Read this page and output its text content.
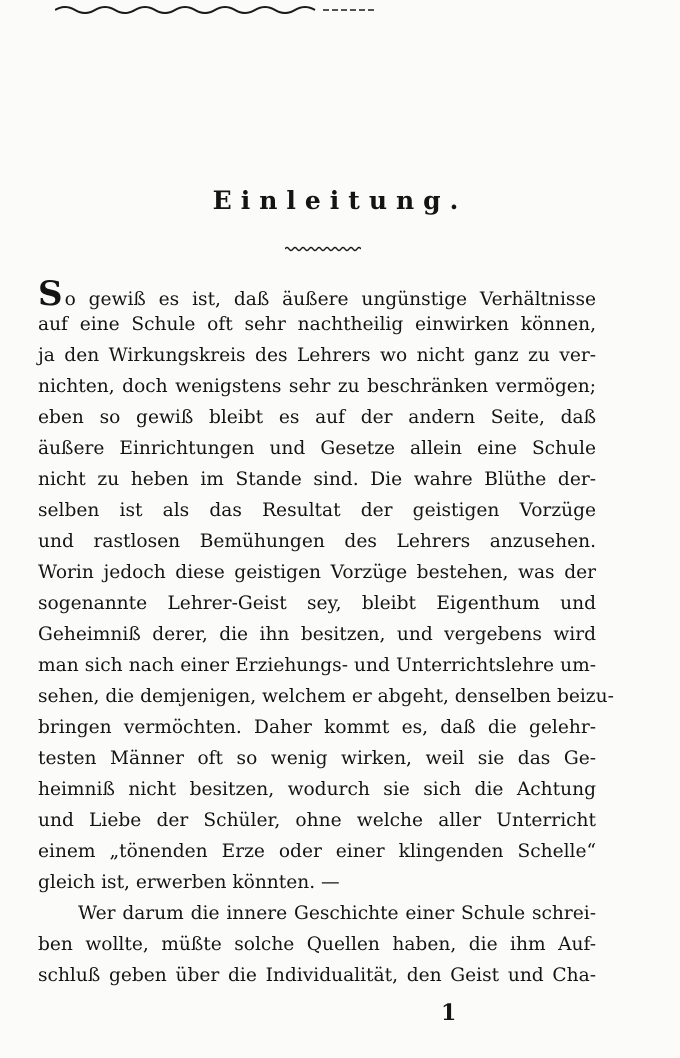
Einleitung.
So gewiß es ist, daß äußere ungünstige Verhältnisse
auf eine Schule oft sehr nachtheilig einwirken können,
ja den Wirkungskreis des Lehrers wo nicht ganz zu ver-
nichten, doch wenigstens sehr zu beschränken vermögen;
eben so gewiß bleibt es auf der andern Seite, daß
äußere Einrichtungen und Gesetze allein eine Schule
nicht zu heben im Stande sind. Die wahre Blüthe der-
selben ist als das Resultat der geistigen Vorzüge
und rastlosen Bemühungen des Lehrers anzusehen.
Worin jedoch diese geistigen Vorzüge bestehen, was der
sogenannte Lehrer-Geist sey, bleibt Eigenthum und
Geheimniß derer, die ihn besitzen, und vergebens wird
man sich nach einer Erziehungs- und Unterrichtslehre um-
sehen, die demjenigen, welchem er abgeht, denselben beizu-
bringen vermöchten. Daher kommt es, daß die gelehr-
testen Männer oft so wenig wirken, weil sie das Ge-
heimniß nicht besitzen, wodurch sie sich die Achtung
und Liebe der Schüler, ohne welche aller Unterricht
einem „tönenden Erze oder einer klingenden Schelle“
gleich ist, erwerben könnten. —
Wer darum die innere Geschichte einer Schule schrei-
ben wollte, müßte solche Quellen haben, die ihm Auf-
schluß geben über die Individualität, den Geist und Cha-
1
